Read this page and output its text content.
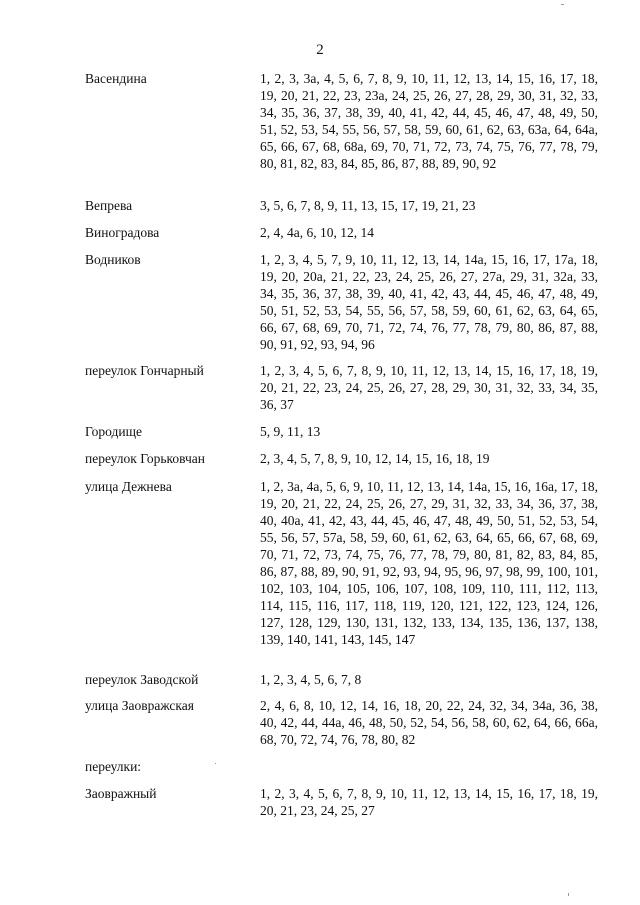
2
Васендина	1, 2, 3, 3а, 4, 5, 6, 7, 8, 9, 10, 11, 12, 13, 14, 15, 16, 17, 18, 19, 20, 21, 22, 23, 23а, 24, 25, 26, 27, 28, 29, 30, 31, 32, 33, 34, 35, 36, 37, 38, 39, 40, 41, 42, 44, 45, 46, 47, 48, 49, 50, 51, 52, 53, 54, 55, 56, 57, 58, 59, 60, 61, 62, 63, 63а, 64, 64а, 65, 66, 67, 68, 68а, 69, 70, 71, 72, 73, 74, 75, 76, 77, 78, 79, 80, 81, 82, 83, 84, 85, 86, 87, 88, 89, 90, 92
Вепрева	3, 5, 6, 7, 8, 9, 11, 13, 15, 17, 19, 21, 23
Виноградова	2, 4, 4а, 6, 10, 12, 14
Водников	1, 2, 3, 4, 5, 7, 9, 10, 11, 12, 13, 14, 14а, 15, 16, 17, 17а, 18, 19, 20, 20а, 21, 22, 23, 24, 25, 26, 27, 27а, 29, 31, 32а, 33, 34, 35, 36, 37, 38, 39, 40, 41, 42, 43, 44, 45, 46, 47, 48, 49, 50, 51, 52, 53, 54, 55, 56, 57, 58, 59, 60, 61, 62, 63, 64, 65, 66, 67, 68, 69, 70, 71, 72, 74, 76, 77, 78, 79, 80, 86, 87, 88, 90, 91, 92, 93, 94, 96
переулок Гончарный	1, 2, 3, 4, 5, 6, 7, 8, 9, 10, 11, 12, 13, 14, 15, 16, 17, 18, 19, 20, 21, 22, 23, 24, 25, 26, 27, 28, 29, 30, 31, 32, 33, 34, 35, 36, 37
Городище	5, 9, 11, 13
переулок Горьковчан	2, 3, 4, 5, 7, 8, 9, 10, 12, 14, 15, 16, 18, 19
улица Дежнева	1, 2, 3а, 4а, 5, 6, 9, 10, 11, 12, 13, 14, 14а, 15, 16, 16а, 17, 18, 19, 20, 21, 22, 24, 25, 26, 27, 29, 31, 32, 33, 34, 36, 37, 38, 40, 40а, 41, 42, 43, 44, 45, 46, 47, 48, 49, 50, 51, 52, 53, 54, 55, 56, 57, 57а, 58, 59, 60, 61, 62, 63, 64, 65, 66, 67, 68, 69, 70, 71, 72, 73, 74, 75, 76, 77, 78, 79, 80, 81, 82, 83, 84, 85, 86, 87, 88, 89, 90, 91, 92, 93, 94, 95, 96, 97, 98, 99, 100, 101, 102, 103, 104, 105, 106, 107, 108, 109, 110, 111, 112, 113, 114, 115, 116, 117, 118, 119, 120, 121, 122, 123, 124, 126, 127, 128, 129, 130, 131, 132, 133, 134, 135, 136, 137, 138, 139, 140, 141, 143, 145, 147
переулок Заводской	1, 2, 3, 4, 5, 6, 7, 8
улица Заовражская	2, 4, 6, 8, 10, 12, 14, 16, 18, 20, 22, 24, 32, 34, 34а, 36, 38, 40, 42, 44, 44а, 46, 48, 50, 52, 54, 56, 58, 60, 62, 64, 66, 66а, 68, 70, 72, 74, 76, 78, 80, 82
переулки:
Заовражный	1, 2, 3, 4, 5, 6, 7, 8, 9, 10, 11, 12, 13, 14, 15, 16, 17, 18, 19, 20, 21, 23, 24, 25, 27
